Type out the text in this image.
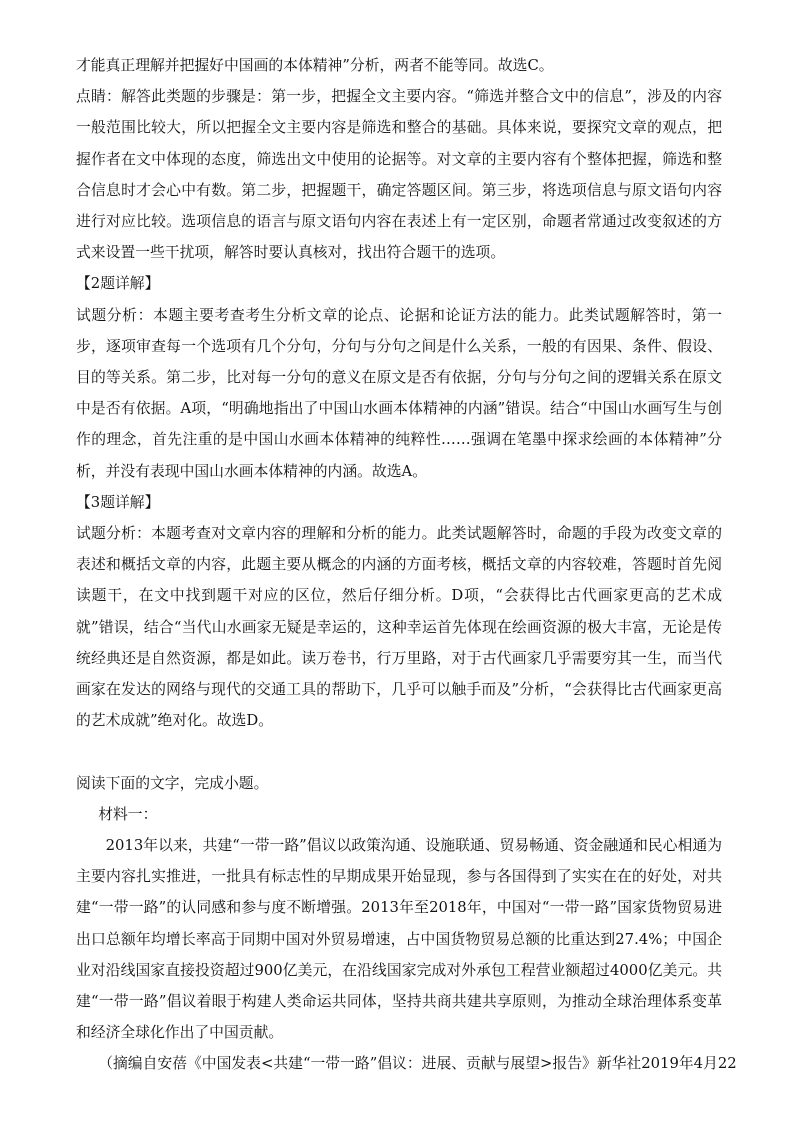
才能真正理解并把握好中国画的本体精神”分析，两者不能等同。故选C。

点睛：解答此类题的步骤是：第一步，把握全文主要内容。“筛选并整合文中的信息”，涉及的内容一般范围比较大，所以把握全文主要内容是筛选和整合的基础。具体来说，要探究文章的观点，把握作者在文中体现的态度，筛选出文中使用的论据等。对文章的主要内容有个整体把握，筛选和整合信息时才会心中有数。第二步，把握题干，确定答题区间。第三步，将选项信息与原文语句内容进行对应比较。选项信息的语言与原文语句内容在表述上有一定区别，命题者常通过改变叙述的方式来设置一些干扰项，解答时要认真核对，找出符合题干的选项。

【2题详解】

试题分析：本题主要考查考生分析文章的论点、论据和论证方法的能力。此类试题解答时，第一步，逐项审查每一个选项有几个分句，分句与分句之间是什么关系，一般的有因果、条件、假设、目的等关系。第二步，比对每一分句的意义在原文是否有依据，分句与分句之间的逻辑关系在原文中是否有依据。A项，“明确地指出了中国山水画本体精神的内涵”错误。结合“中国山水画写生与创作的理念，首先注重的是中国山水画本体精神的纯粹性……强调在笔墨中探求绘画的本体精神”分析，并没有表现中国山水画本体精神的内涵。故选A。

【3题详解】

试题分析：本题考查对文章内容的理解和分析的能力。此类试题解答时，命题的手段为改变文章的表述和概括文章的内容，此题主要从概念的内涵的方面考核，概括文章的内容较难，答题时首先阅读题干，在文中找到题干对应的区位，然后仔细分析。D项，“会获得比古代画家更高的艺术成就”错误，结合“当代山水画家无疑是幸运的，这种幸运首先体现在绘画资源的极大丰富，无论是传统经典还是自然资源，都是如此。读万卷书，行万里路，对于古代画家几乎需要穷其一生，而当代画家在发达的网络与现代的交通工具的帮助下，几乎可以触手而及”分析，“会获得比古代画家更高的艺术成就”绝对化。故选D。

阅读下面的文字，完成小题。

材料一：

2013年以来，共建“一带一路”倡议以政策沟通、设施联通、贸易畅通、资金融通和民心相通为主要内容扎实推进，一批具有标志性的早期成果开始显现，参与各国得到了实实在在的好处，对共建“一带一路”的认同感和参与度不断增强。2013年至2018年，中国对“一带一路”国家货物贸易进出口总额年均增长率高于同期中国对外贸易增速，占中国货物贸易总额的比重达到27.4%；中国企业对沿线国家直接投资超过900亿美元，在沿线国家完成对外承包工程营业额超过4000亿美元。共建“一带一路”倡议着眼于构建人类命运共同体，坚持共商共建共享原则，为推动全球治理体系变革和经济全球化作出了中国贡献。

（摘编自安蓓《中国发表<共建“一带一路”倡议：进展、贡献与展望>报告》新华社2019年4月22
